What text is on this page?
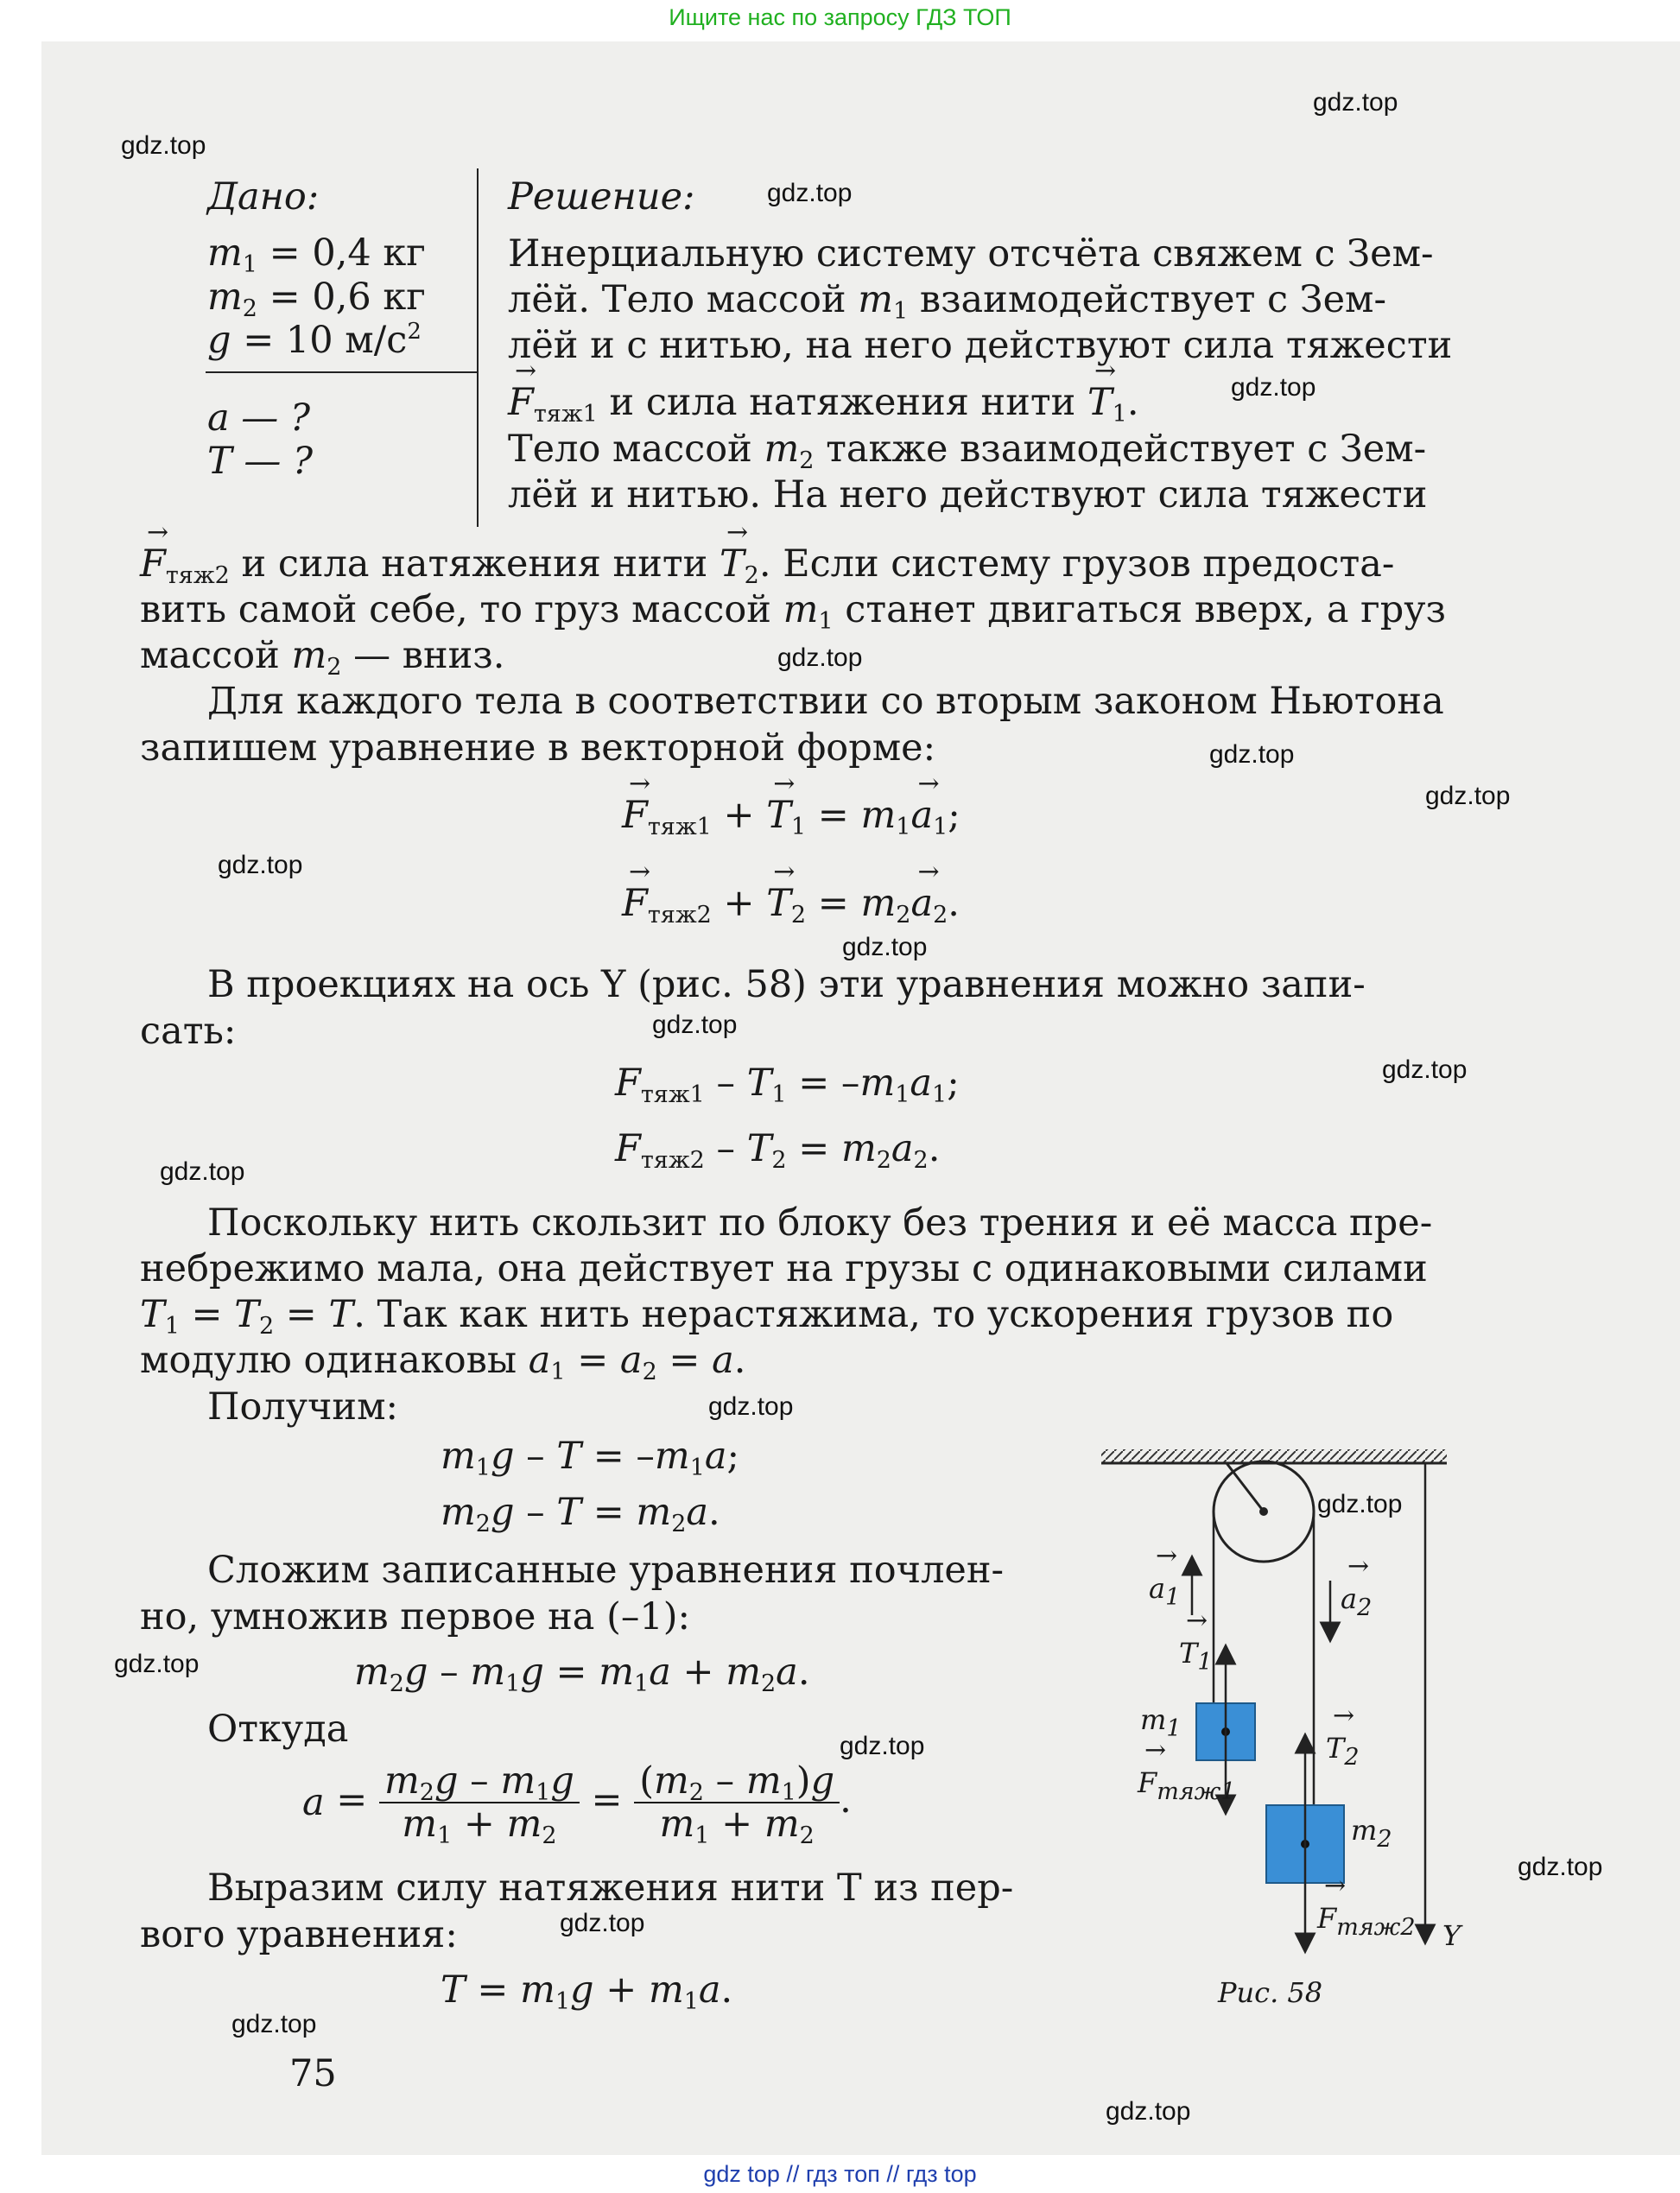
Ищите нас по запросу ГДЗ ТОП
gdz.top
gdz.top
gdz.top
gdz.top
gdz.top
gdz.top
gdz.top
gdz.top
gdz.top
gdz.top
gdz.top
gdz.top
gdz.top
gdz.top
gdz.top
gdz.top
gdz.top
gdz.top
gdz.top
gdz.top
Дано:
$m_1 = 0,4$ кг
$m_2 = 0,6$ кг
g = 10 $м/с^2$
a — ?
T — ?
Решение:
Инерциальную систему отсчёта свяжем с Зем-
лёй. Тело массой $m_1$ взаимодействует с Зем-
лёй и с нитью, на него действуют сила тяжести
→ $F_{тяж1}$ и сила натяжения нити → $T_1$.
Тело массой $m_2$ также взаимодействует с Зем-
лёй и нитью. На него действуют сила тяжести
→ $F_{тяж2}$ и сила натяжения нити → $T_2$. Если систему грузов предоста-
вить самой себе, то груз массой $m_1$ станет двигаться вверх, а груз
массой $m_2$ — вниз.
Для каждого тела в соответствии со вторым законом Ньютона
запишем уравнение в векторной форме:
→ $F_{тяж1}$ + → $T_1 = m_1\to a_1$;
→ $F_{тяж2}$ + → $T_2 = m_2\to a_2$.
В проекциях на ось Y (рис. 58) эти уравнения можно запи-
сать:
$F_{тяж1} - T_1 = -m_1a_1$;
$F_{тяж2} - T_2 = m_2a_2$.
Поскольку нить скользит по блоку без трения и её масса пре-
небрежимо мала, она действует на грузы с одинаковыми силами
$T_1 = T_2 = T$. Так как нить нерастяжима, то ускорения грузов по
модулю одинаковы $a_1 = a_2 = a$.
Получим:
$m_1g - T = -m_1a$;
$m_2g - T = m_2a$.
Сложим записанные уравнения почлен-
но, умножив первое на (–1):
$m_2g - m_1g = m_1a + m_2a$.
Откуда
$a = \frac{m_2g - m_1g}{m_1 + m_2} = \frac{(m_2 - m_1)g}{m_1 + m_2}$ .
Выразим силу натяжения нити T из пер-
вого уравнения:
$T = m_1g + m_1a$.
75
→ $a_1$
→	$a_2$
→ $T_1$
$m_1$
→ $T_2$
→ $F_{тяж1}$
$m_2$
→ $F_{тяж2}$ Y
Рис. 58
gdz top // гдз топ // гдз top
